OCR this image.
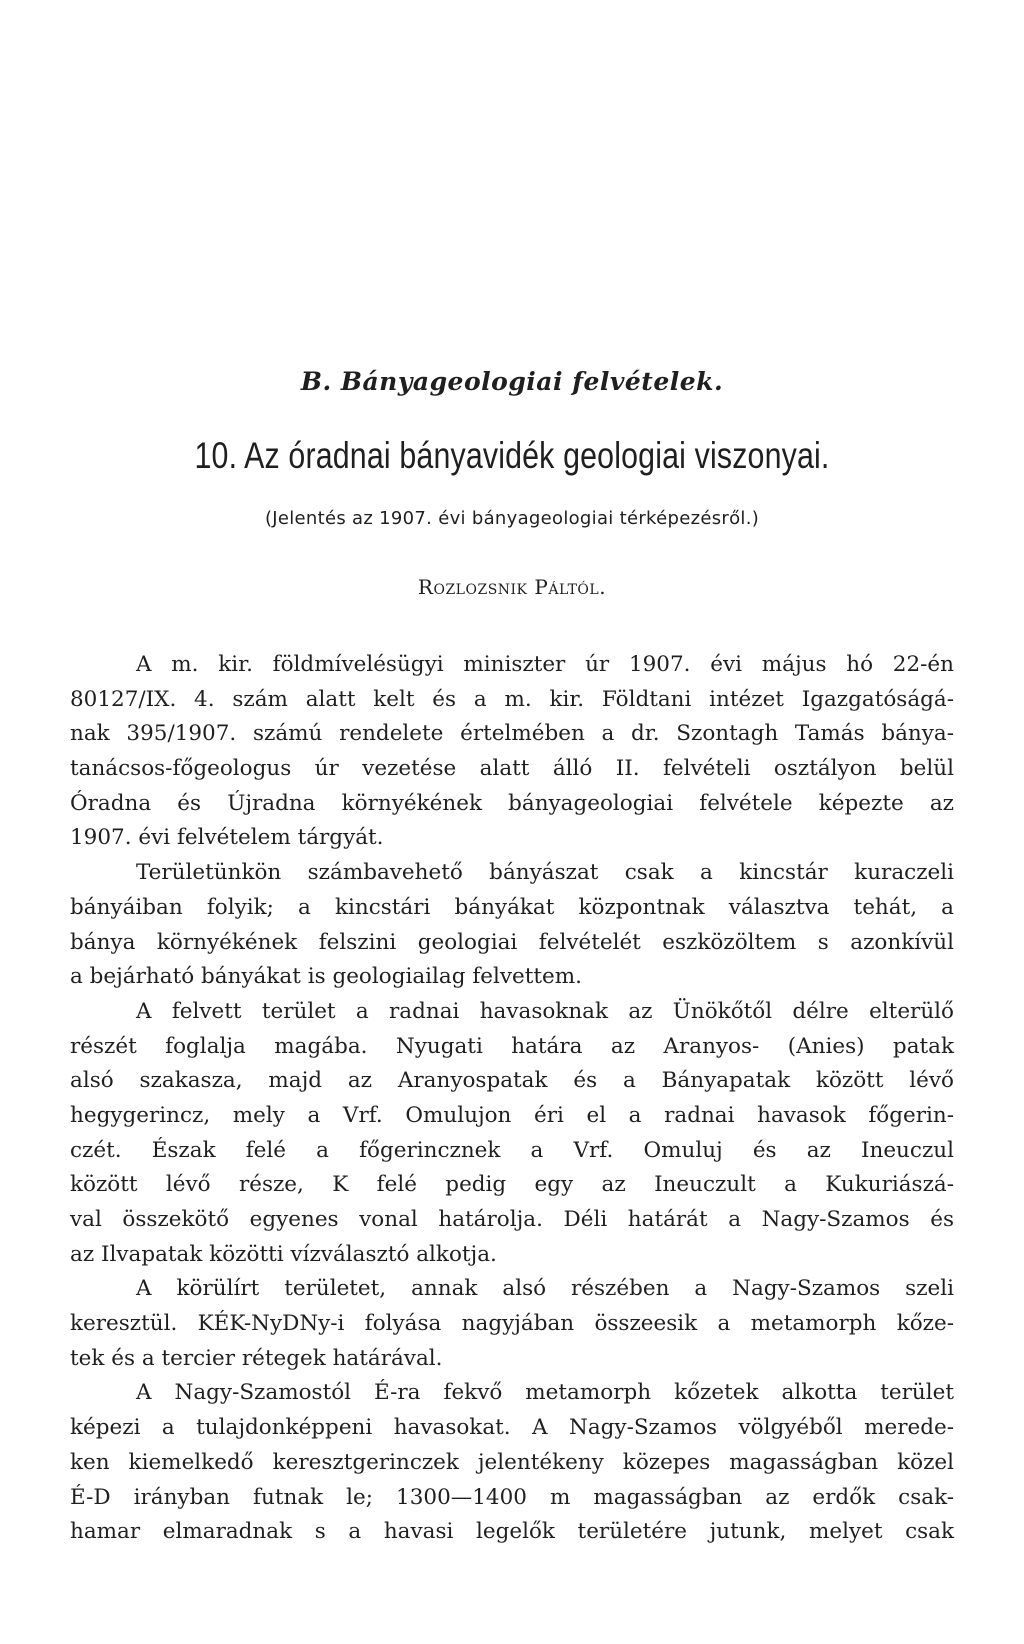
B. Bányageologiai felvételek.
10. Az óradnai bányavidék geologiai viszonyai.
(Jelentés az 1907. évi bányageologiai térképezésről.)
Rozlozsnik Páltól.
A m. kir. földmívelésügyi miniszter úr 1907. évi május hó 22-én
80127/IX. 4. szám alatt kelt és a m. kir. Földtani intézet Igazgatóságá-
nak 395/1907. számú rendelete értelmében a dr. Szontagh Tamás bánya-
tanácsos-főgeologus úr vezetése alatt álló II. felvételi osztályon belül
Óradna és Újradna környékének bányageologiai felvétele képezte az
1907. évi felvételem tárgyát.
Területünkön számbavehető bányászat csak a kincstár kuraczeli
bányáiban folyik; a kincstári bányákat központnak választva tehát, a
bánya környékének felszini geologiai felvételét eszközöltem s azonkívül
a bejárható bányákat is geologiailag felvettem.
A felvett terület a radnai havasoknak az Ünökőtől délre elterülő
részét foglalja magába. Nyugati határa az Aranyos- (Anies) patak
alsó szakasza, majd az Aranyospatak és a Bányapatak között lévő
hegygerincz, mely a Vrf. Omulujon éri el a radnai havasok főgerin-
czét. Észak felé a főgerincznek a Vrf. Omuluj és az Ineuczul
között lévő része, K felé pedig egy az Ineuczult a Kukuriászá-
val összekötő egyenes vonal határolja. Déli határát a Nagy-Szamos és
az Ilvapatak közötti vízválasztó alkotja.
A körülírt területet, annak alsó részében a Nagy-Szamos szeli
keresztül. KÉK-NyDNy-i folyása nagyjában összeesik a metamorph kőze-
tek és a tercier rétegek határával.
A Nagy-Szamostól É-ra fekvő metamorph kőzetek alkotta terület
képezi a tulajdonképpeni havasokat. A Nagy-Szamos völgyéből merede-
ken kiemelkedő keresztgerinczek jelentékeny közepes magasságban közel
É-D irányban futnak le; 1300—1400 m magasságban az erdők csak-
hamar elmaradnak s a havasi legelők területére jutunk, melyet csak
